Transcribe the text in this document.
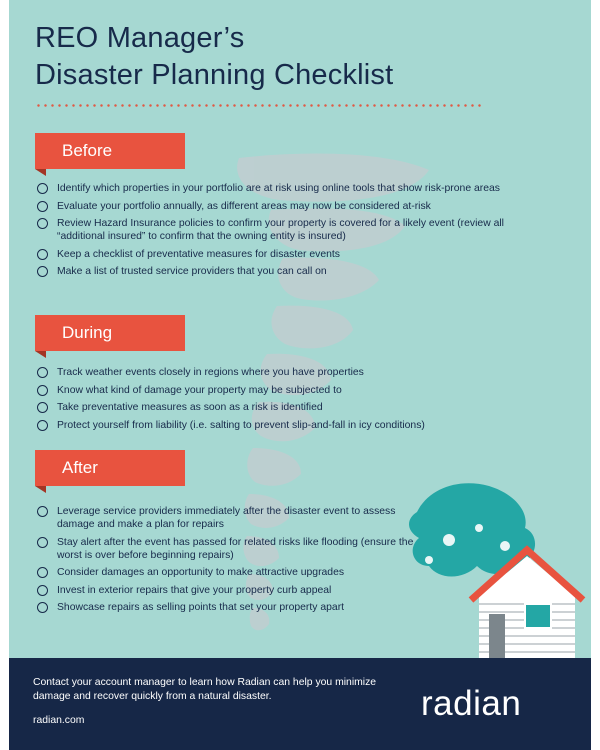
REO Manager’s
Disaster Planning Checklist
Before
Identify which properties in your portfolio are at risk using online tools that show risk-prone areas
Evaluate your portfolio annually, as different areas may now be considered at-risk
Review Hazard Insurance policies to confirm your property is covered for a likely event (review all “additional insured” to confirm that the owning entity is insured)
Keep a checklist of preventative measures for disaster events
Make a list of trusted service providers that you can call on
During
Track weather events closely in regions where you have properties
Know what kind of damage your property may be subjected to
Take preventative measures as soon as a risk is identified
Protect yourself from liability (i.e. salting to prevent slip-and-fall in icy conditions)
After
Leverage service providers immediately after the disaster event to assess damage and make a plan for repairs
Stay alert after the event has passed for related risks like flooding (ensure the worst is over before beginning repairs)
Consider damages an opportunity to make attractive upgrades
Invest in exterior repairs that give your property curb appeal
Showcase repairs as selling points that set your property apart

Contact your account manager to learn how Radian can help you minimize damage and recover quickly from a natural disaster.

radian.com	radian
